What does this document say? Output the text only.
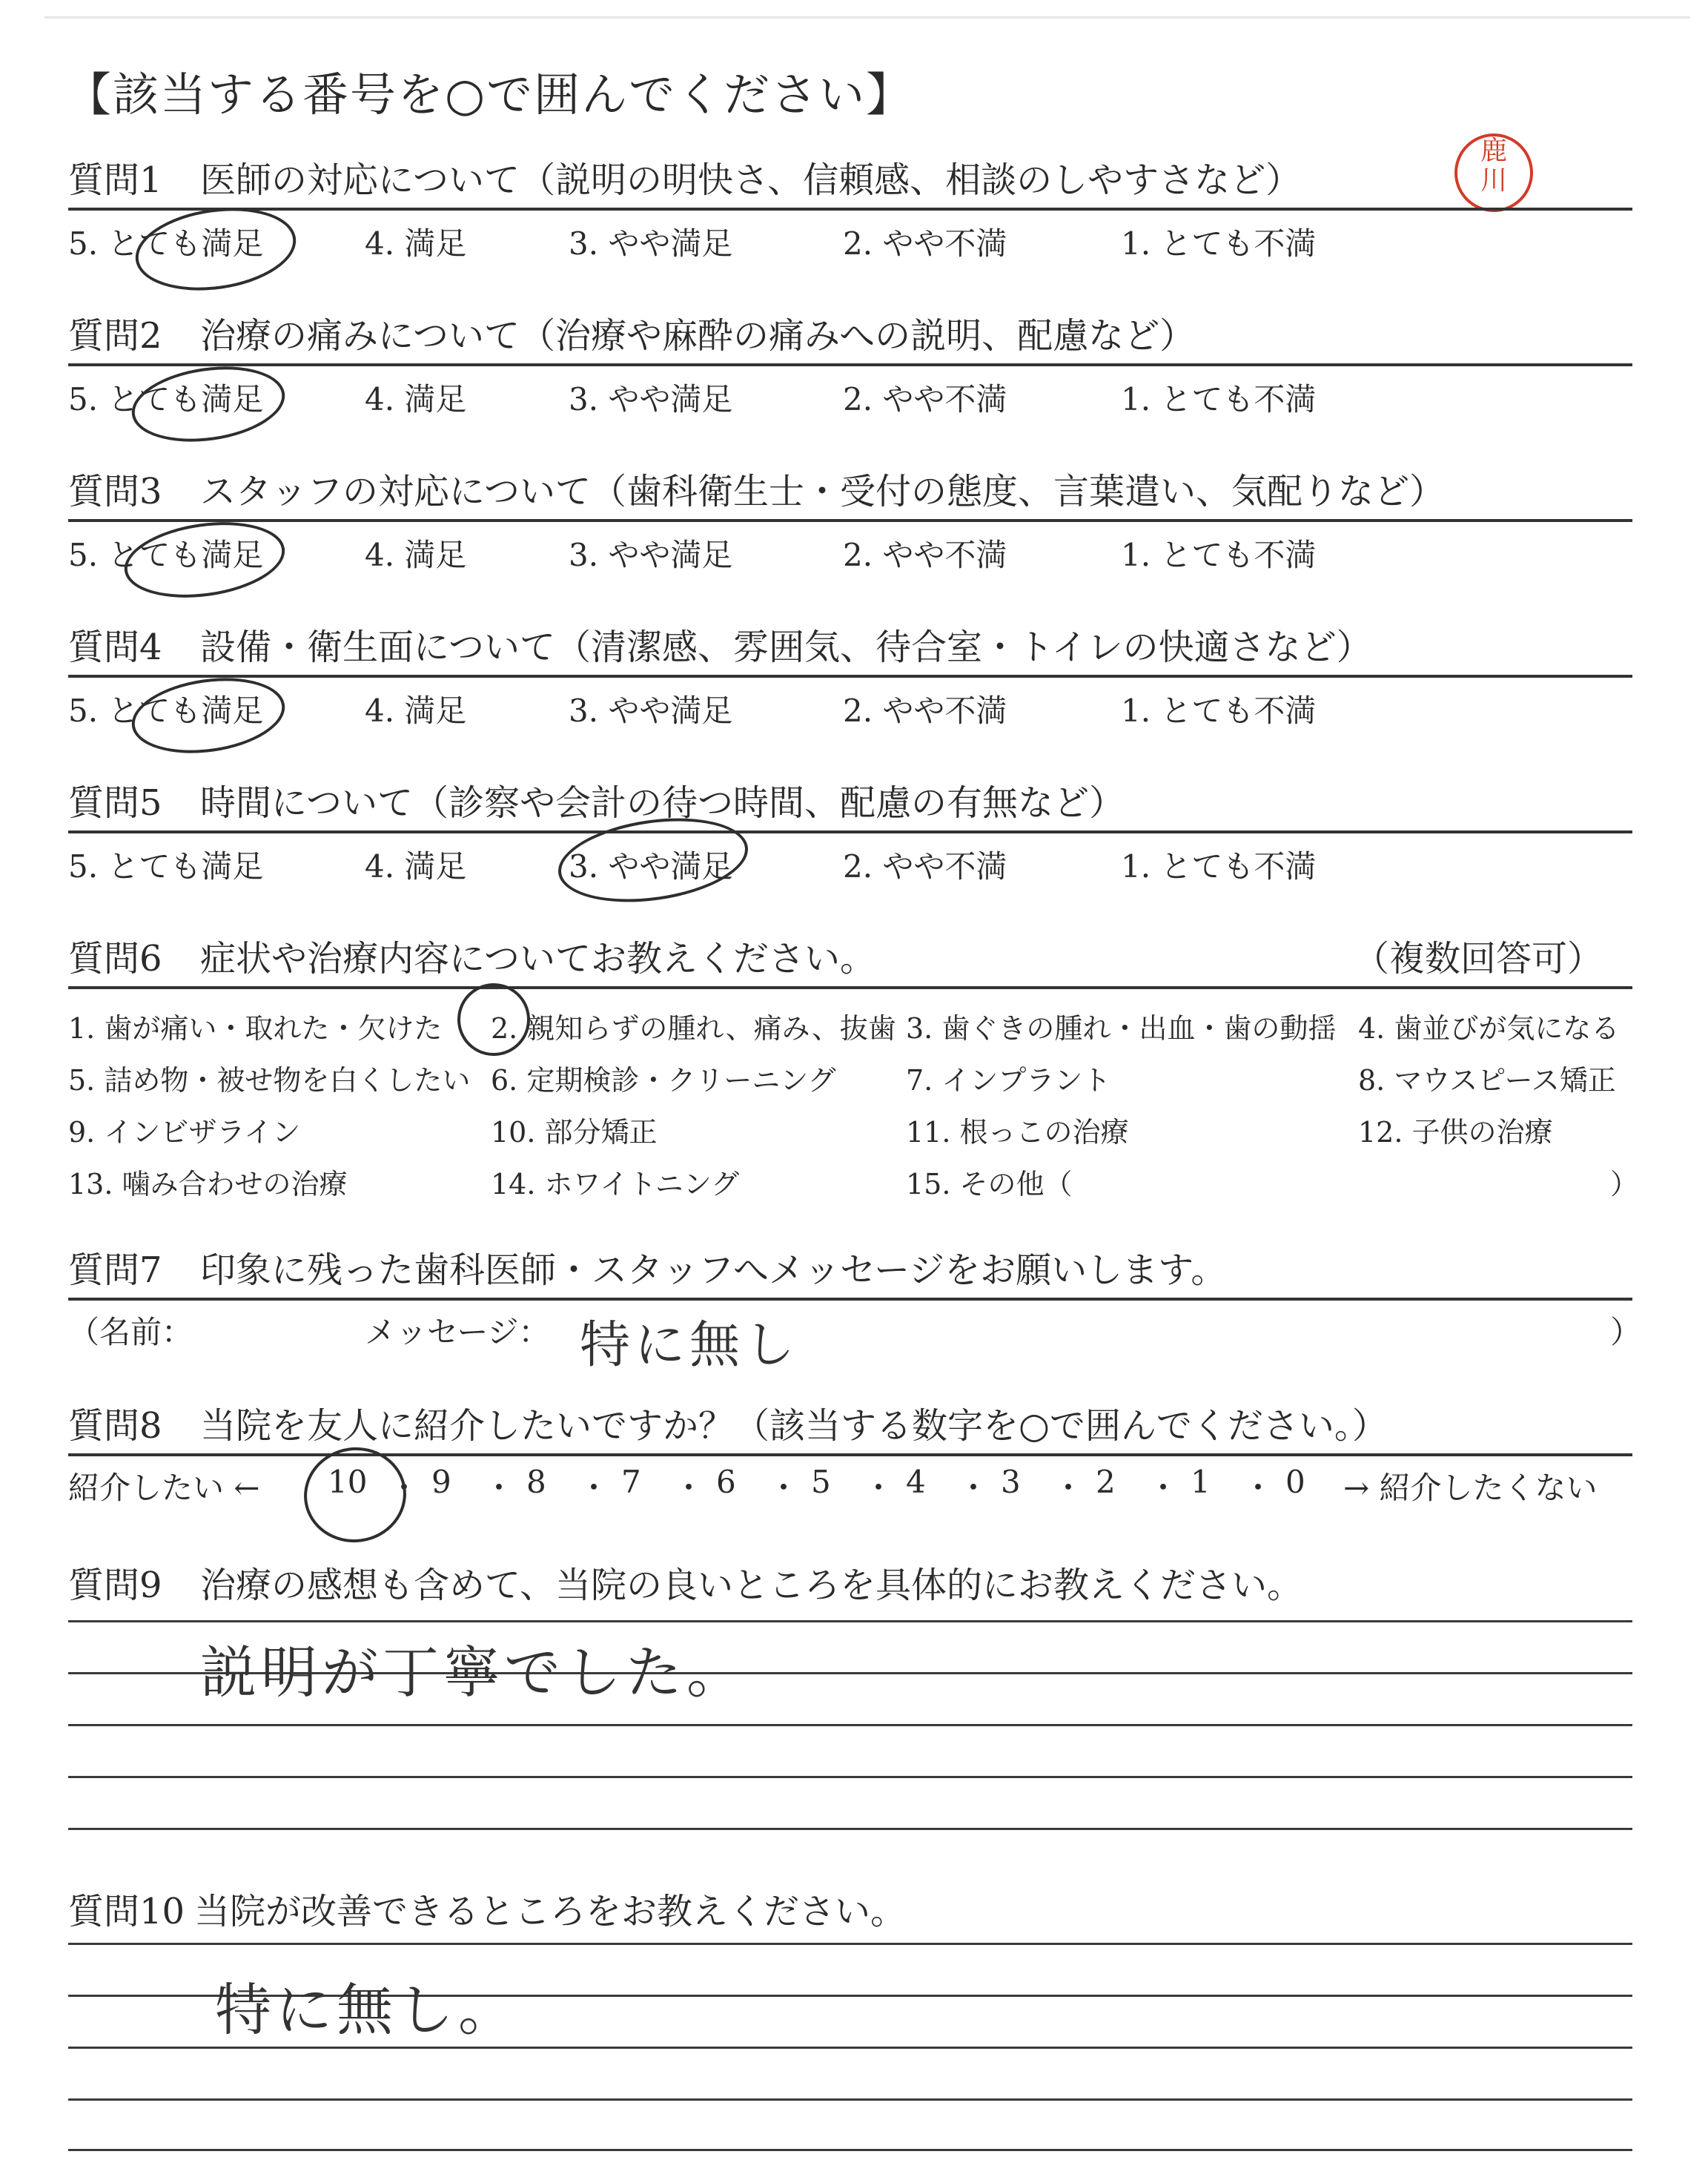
【該当する番号を○で囲んでください】
鹿
川
質問1 医師の対応について（説明の明快さ、信頼感、相談のしやすさなど）
5. とても満足	4. 満足	3. やや満足	2. やや不満	1. とても不満
質問2 治療の痛みについて（治療や麻酔の痛みへの説明、配慮など）
5. とても満足	4. 満足	3. やや満足	2. やや不満	1. とても不満
質問3 スタッフの対応について（歯科衛生士・受付の態度、言葉遣い、気配りなど）
5. とても満足	4. 満足	3. やや満足	2. やや不満	1. とても不満
質問4 設備・衛生面について（清潔感、雰囲気、待合室・トイレの快適さなど）
5. とても満足	4. 満足	3. やや満足	2. やや不満	1. とても不満
質問5 時間について（診察や会計の待つ時間、配慮の有無など）
5. とても満足	4. 満足	3. やや満足	2. やや不満	1. とても不満
質問6 症状や治療内容についてお教えください。	（複数回答可）
1. 歯が痛い・取れた・欠けた 2. 親知らずの腫れ、痛み、抜歯 3. 歯ぐきの腫れ・出血・歯の動揺 4. 歯並びが気になる
5. 詰め物・被せ物を白くしたい 6. 定期検診・クリーニング 7. インプラント	8. マウスピース矯正
9. インビザライン	10. 部分矯正	11. 根っこの治療	12. 子供の治療
13. 噛み合わせの治療	14. ホワイトニング	15. その他（	）
質問7 印象に残った歯科医師・スタッフへメッセージをお願いします。
（名前：	メッセージ：	）
特に無し
質問8 当院を友人に紹介したいですか？（該当する数字を○で囲んでください。）
紹介したい ← 10 ・ 9 ・ 8 ・ 7 ・ 6 ・ 5 ・ 4 ・ 3 ・ 2 ・ 1 ・ 0 → 紹介したくない
質問9 治療の感想も含めて、当院の良いところを具体的にお教えください。
説明が丁寧でした。
質問10 当院が改善できるところをお教えください。
特に無し。
